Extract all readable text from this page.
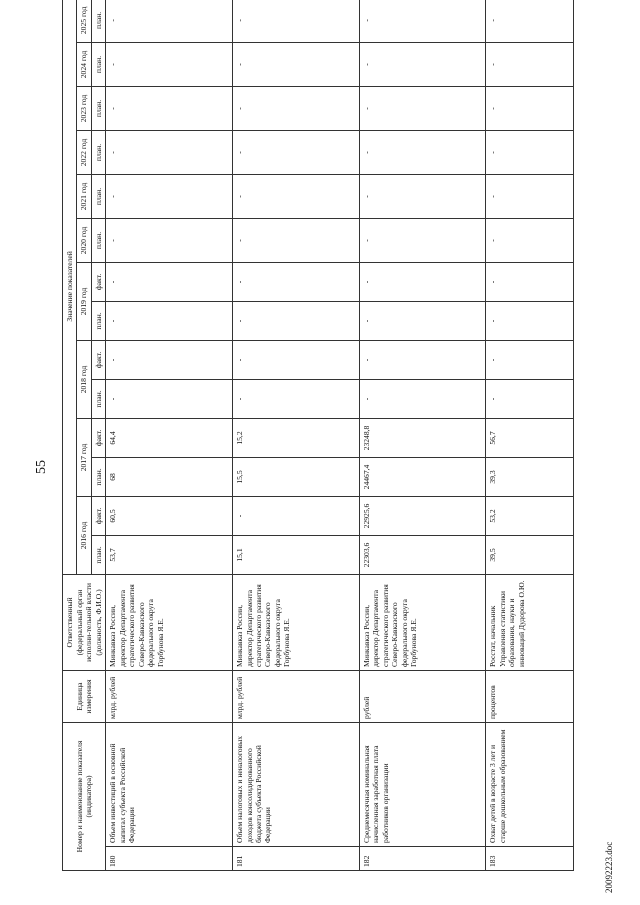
55
Номер и наименование показателя (индикатора)		Единица измерения	Ответственный (федеральный орган исполни-тельной власти (должность, Ф.И.О.)	Значение показателей													
				2016 год		2017 год		2018 год		2019 год		2020 год	2021 год	2022 год	2023 год	2024 год	2025 год
				план.	факт.	план.	факт.	план.	факт.	план.	факт.	план.	план.	план.	план.	план.	план.
180	Объем инвестиций в основной капитал субъекта Российской Федерации	млрд. рублей	Минкавказ России, директор Департамента стратегического развития Северо-Кавказского федерального округа Горбунова Я.Е.	53,7	60,5	68	64,4	-	-	-	-	-	-	-	-	-	-
181	Объем налоговых и неналоговых доходов консолидированного бюджета субъекта Российской Федерации	млрд. рублей	Минкавказ России, директор Департамента стратегического развития Северо-Кавказского федерального округа Горбунова Я.Е.	15,1	-	15,5	15,2	-	-	-	-	-	-	-	-	-	-
182	Среднемесячная номинальная начисленная заработная плата работников организации	рублей	Минкавказ России, директор Департамента стратегического развития Северо-Кавказского федерального округа Горбунова Я.Е.	22303,6	22925,6	24467,4	23248,8	-	-	-	-	-	-	-	-	-	-
183	Охват детей в возрасте 3 лет и старше дошкольным образованием	процентов	Росстат, начальник Управления статистики образования, науки и инноваций Дудорова О.Ю.	39,5	53,2	39,3	56,7	-	-	-	-	-	-	-	-	-	-
20092223.doc
